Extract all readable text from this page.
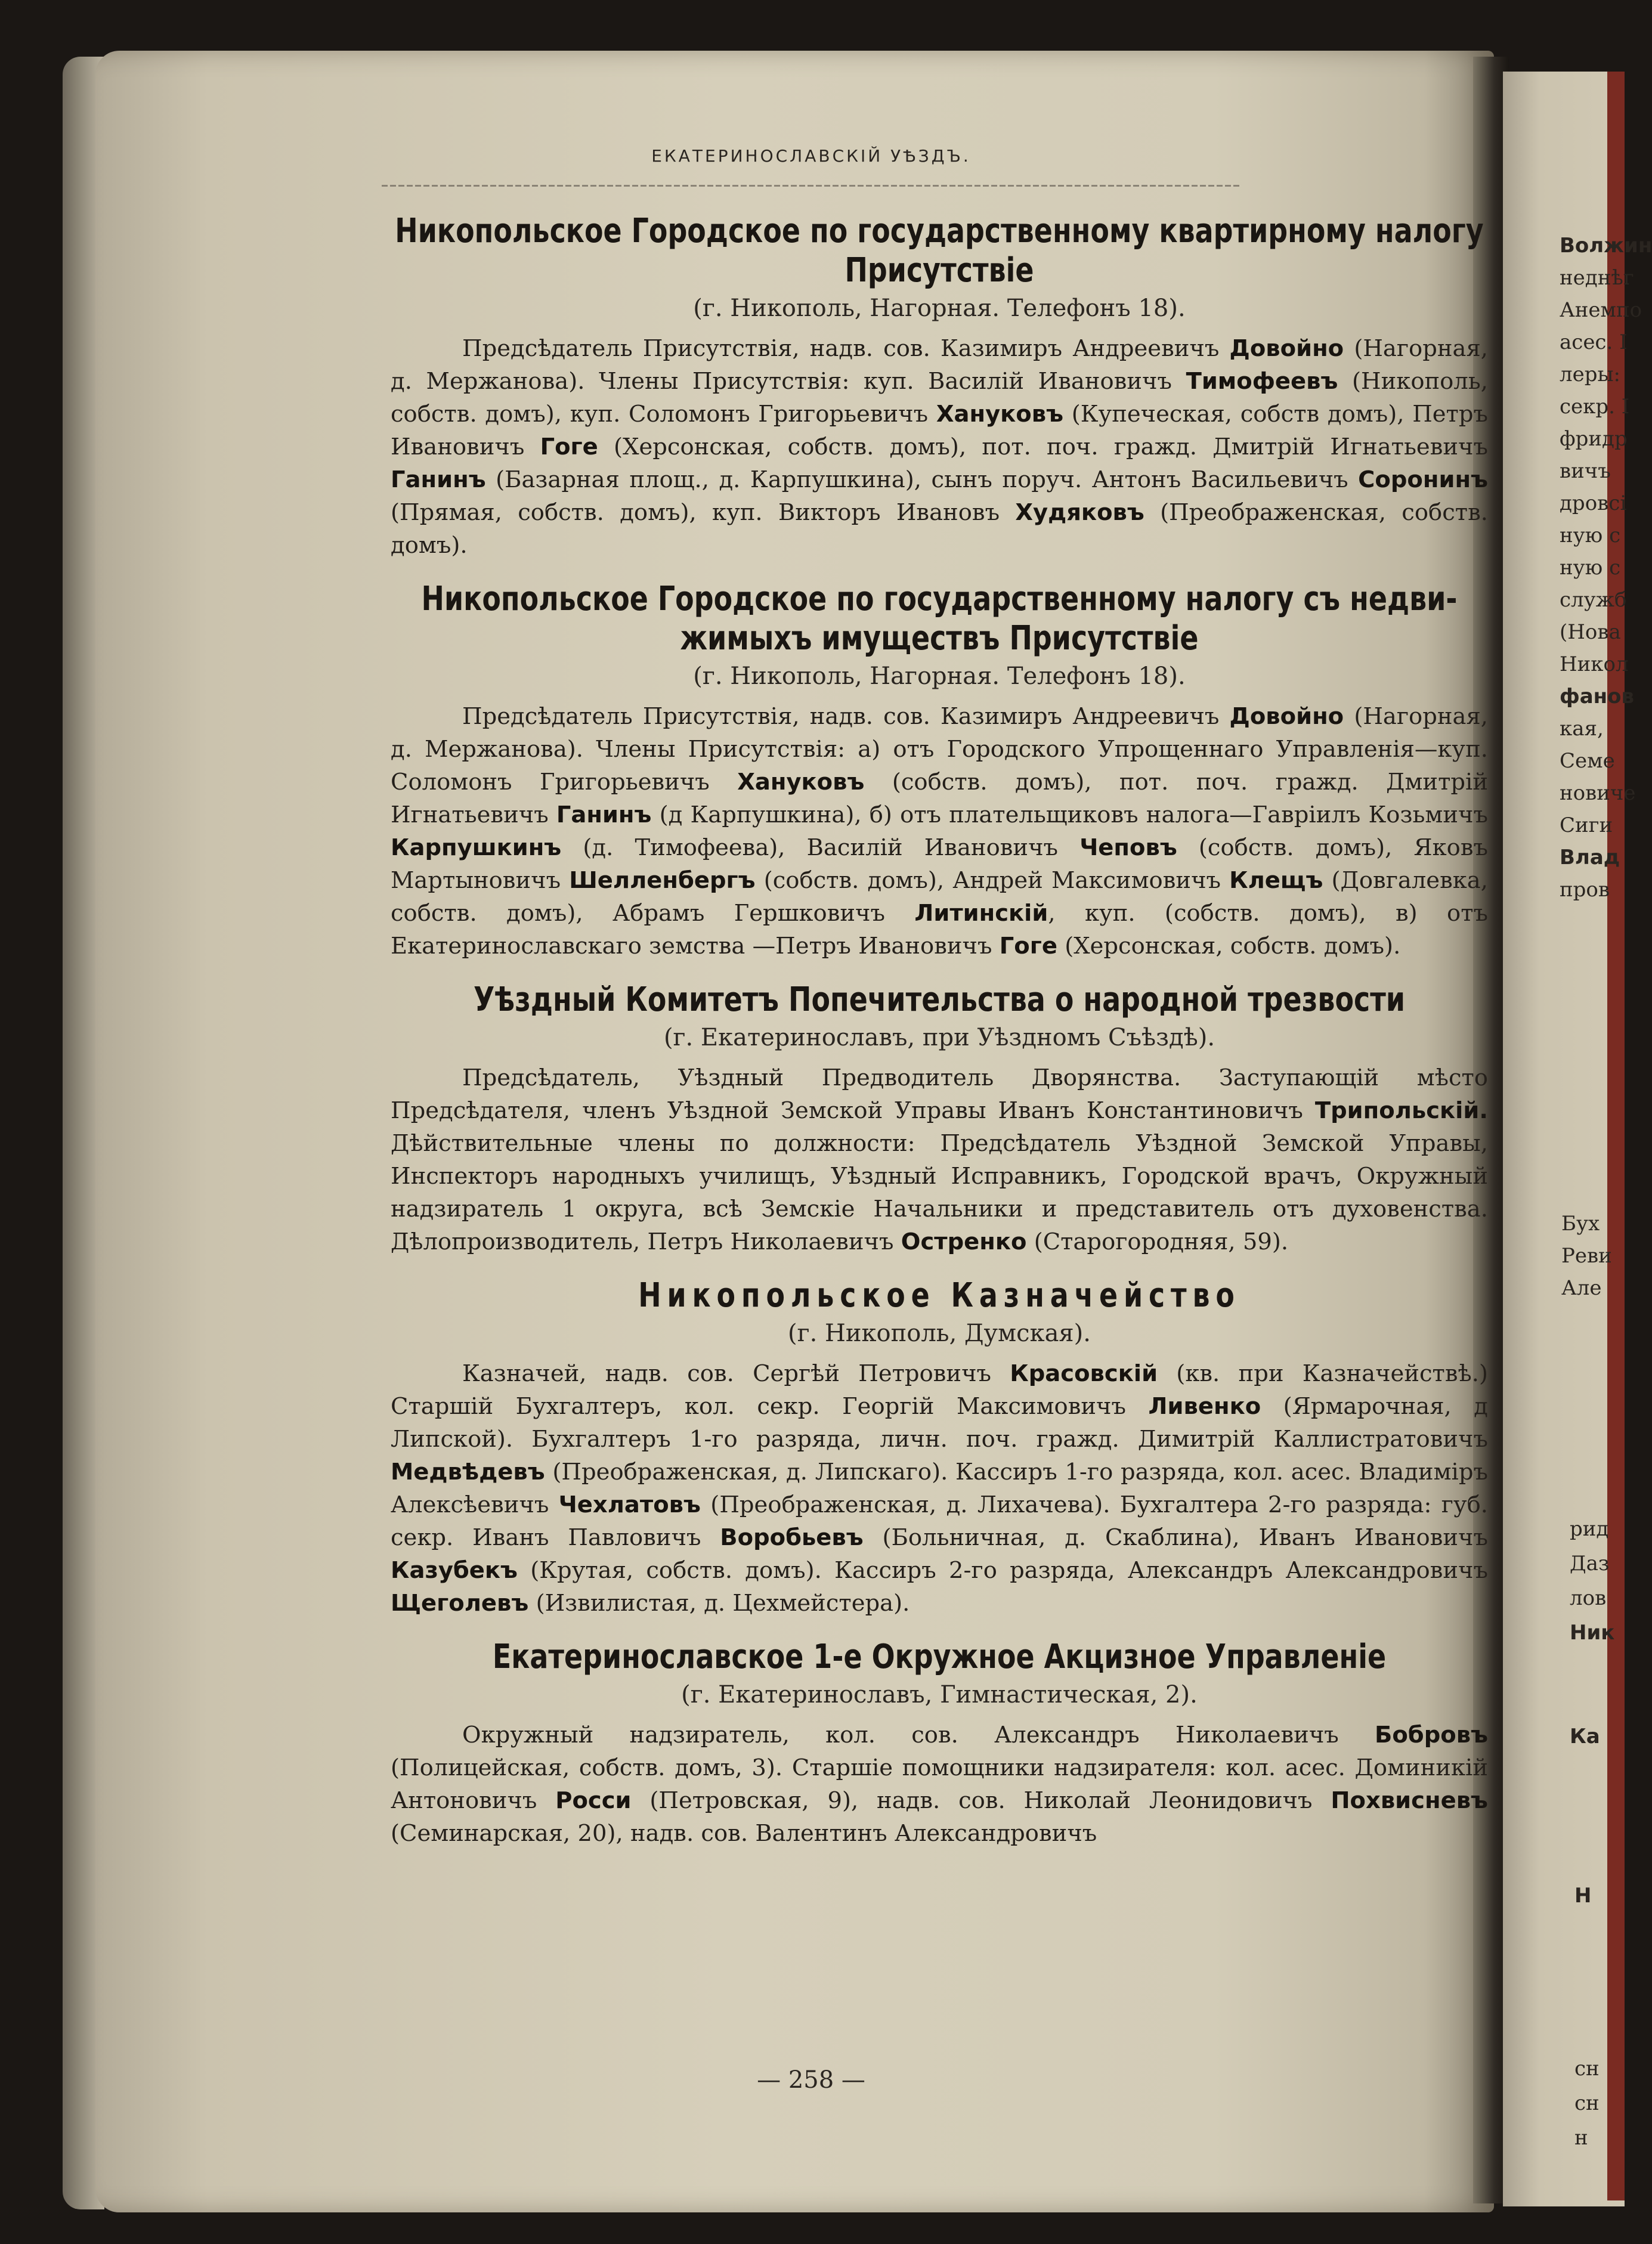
ЕКАТЕРИНОСЛАВСКІЙ УѢЗДЪ.
Никопольское Городское по государственному квартирному налогу
Присутствіе
(г. Никополь, Нагорная. Телефонъ 18).

Предсѣдатель Присутствія, надв. сов. Казимиръ Андреевичъ Довойно (Нагорная, д. Мержанова). Члены Присутствія: куп. Василій Ивановичъ Тимофеевъ (Никополь, собств. домъ), куп. Соломонъ Григорьевичъ Хануковъ (Купеческая, собств домъ), Петръ Ивановичъ Гоге (Херсонская, собств. домъ), пот. поч. гражд. Дмитрій Игнатьевичъ Ганинъ (Базарная площ., д. Карпушкина), сынъ поруч. Антонъ Васильевичъ Соронинъ (Прямая, собств. домъ), куп. Викторъ Ивановъ Худяковъ (Преображенская, собств. домъ).

Никопольское Городское по государственному налогу съ недви-
жимыхъ имуществъ Присутствіе
(г. Никополь, Нагорная. Телефонъ 18).

Предсѣдатель Присутствія, надв. сов. Казимиръ Андреевичъ Довойно (Нагорная, д. Мержанова). Члены Присутствія: а) отъ Городского Упрощеннаго Управленія—куп. Соломонъ Григорьевичъ Хануковъ (собств. домъ), пот. поч. гражд. Дмитрій Игнатьевичъ Ганинъ (д Карпушкина), б) отъ плательщиковъ налога—Гавріилъ Козьмичъ Карпушкинъ (д. Тимофеева), Василій Ивановичъ Чеповъ (собств. домъ), Яковъ Мартыновичъ Шелленбергъ (собств. домъ), Андрей Максимовичъ Клещъ (Довгалевка, собств. домъ), Абрамъ Гершковичъ Литинскій, куп. (собств. домъ), в) отъ Екатеринославскаго земства —Петръ Ивановичъ Гоге (Херсонская, собств. домъ).

Уѣздный Комитетъ Попечительства о народной трезвости
(г. Екатеринославъ, при Уѣздномъ Съѣздѣ).

Предсѣдатель, Уѣздный Предводитель Дворянства. Заступающій мѣсто Предсѣдателя, членъ Уѣздной Земской Управы Иванъ Константиновичъ Трипольскій. Дѣйствительные члены по должности: Предсѣдатель Уѣздной Земской Управы, Инспекторъ народныхъ училищъ, Уѣздный Исправникъ, Городской врачъ, Окружный надзиратель 1 округа, всѣ Земскіе Начальники и представитель отъ духовенства. Дѣлопроизводитель, Петръ Николаевичъ Остренко (Старогородняя, 59).

Никопольское Казначейство
(г. Никополь, Думская).

Казначей, надв. сов. Сергѣй Петровичъ Красовскій (кв. при Казначействѣ.) Старшій Бухгалтеръ, кол. секр. Георгій Максимовичъ Ливенко (Ярмарочная, д Липской). Бухгалтеръ 1-го разряда, личн. поч. гражд. Димитрій Каллистратовичъ Медвѣдевъ (Преображенская, д. Липскаго). Кассиръ 1-го разряда, кол. асес. Владиміръ Алексѣевичъ Чехлатовъ (Преображенская, д. Лихачева). Бухгалтера 2-го разряда: губ. секр. Иванъ Павловичъ Воробьевъ (Больничная, д. Скаблина), Иванъ Ивановичъ Казубекъ (Крутая, собств. домъ). Кассиръ 2-го разряда, Александръ Александровичъ Щеголевъ (Извилистая, д. Цехмейстера).

Екатеринославское 1-е Окружное Акцизное Управленіе
(г. Екатеринославъ, Гимнастическая, 2).

Окружный надзиратель, кол. сов. Александръ Николаевичъ Бобровъ (Полицейская, собств. домъ, 3). Старшіе помощники надзирателя: кол. асес. Доминикій Антоновичъ Росси (Петровская, 9), надв. сов. Николай Леонидовичъ Похвисневъ (Семинарская, 20), надв. сов. Валентинъ Александровичъ

— 258 —
Волжин
неднѣг
Анемпо
асес. І
леры:
секр. І
фридр
вичъ
дровсі
ную с
ную с
служб
(Нова
Никол
фанов
кая,
Семе
новиче
Сиги
Влад
пров
Бух
Реви
Але
рид
Даз
лов
Ник

Ка
Н

сн
сн
н
